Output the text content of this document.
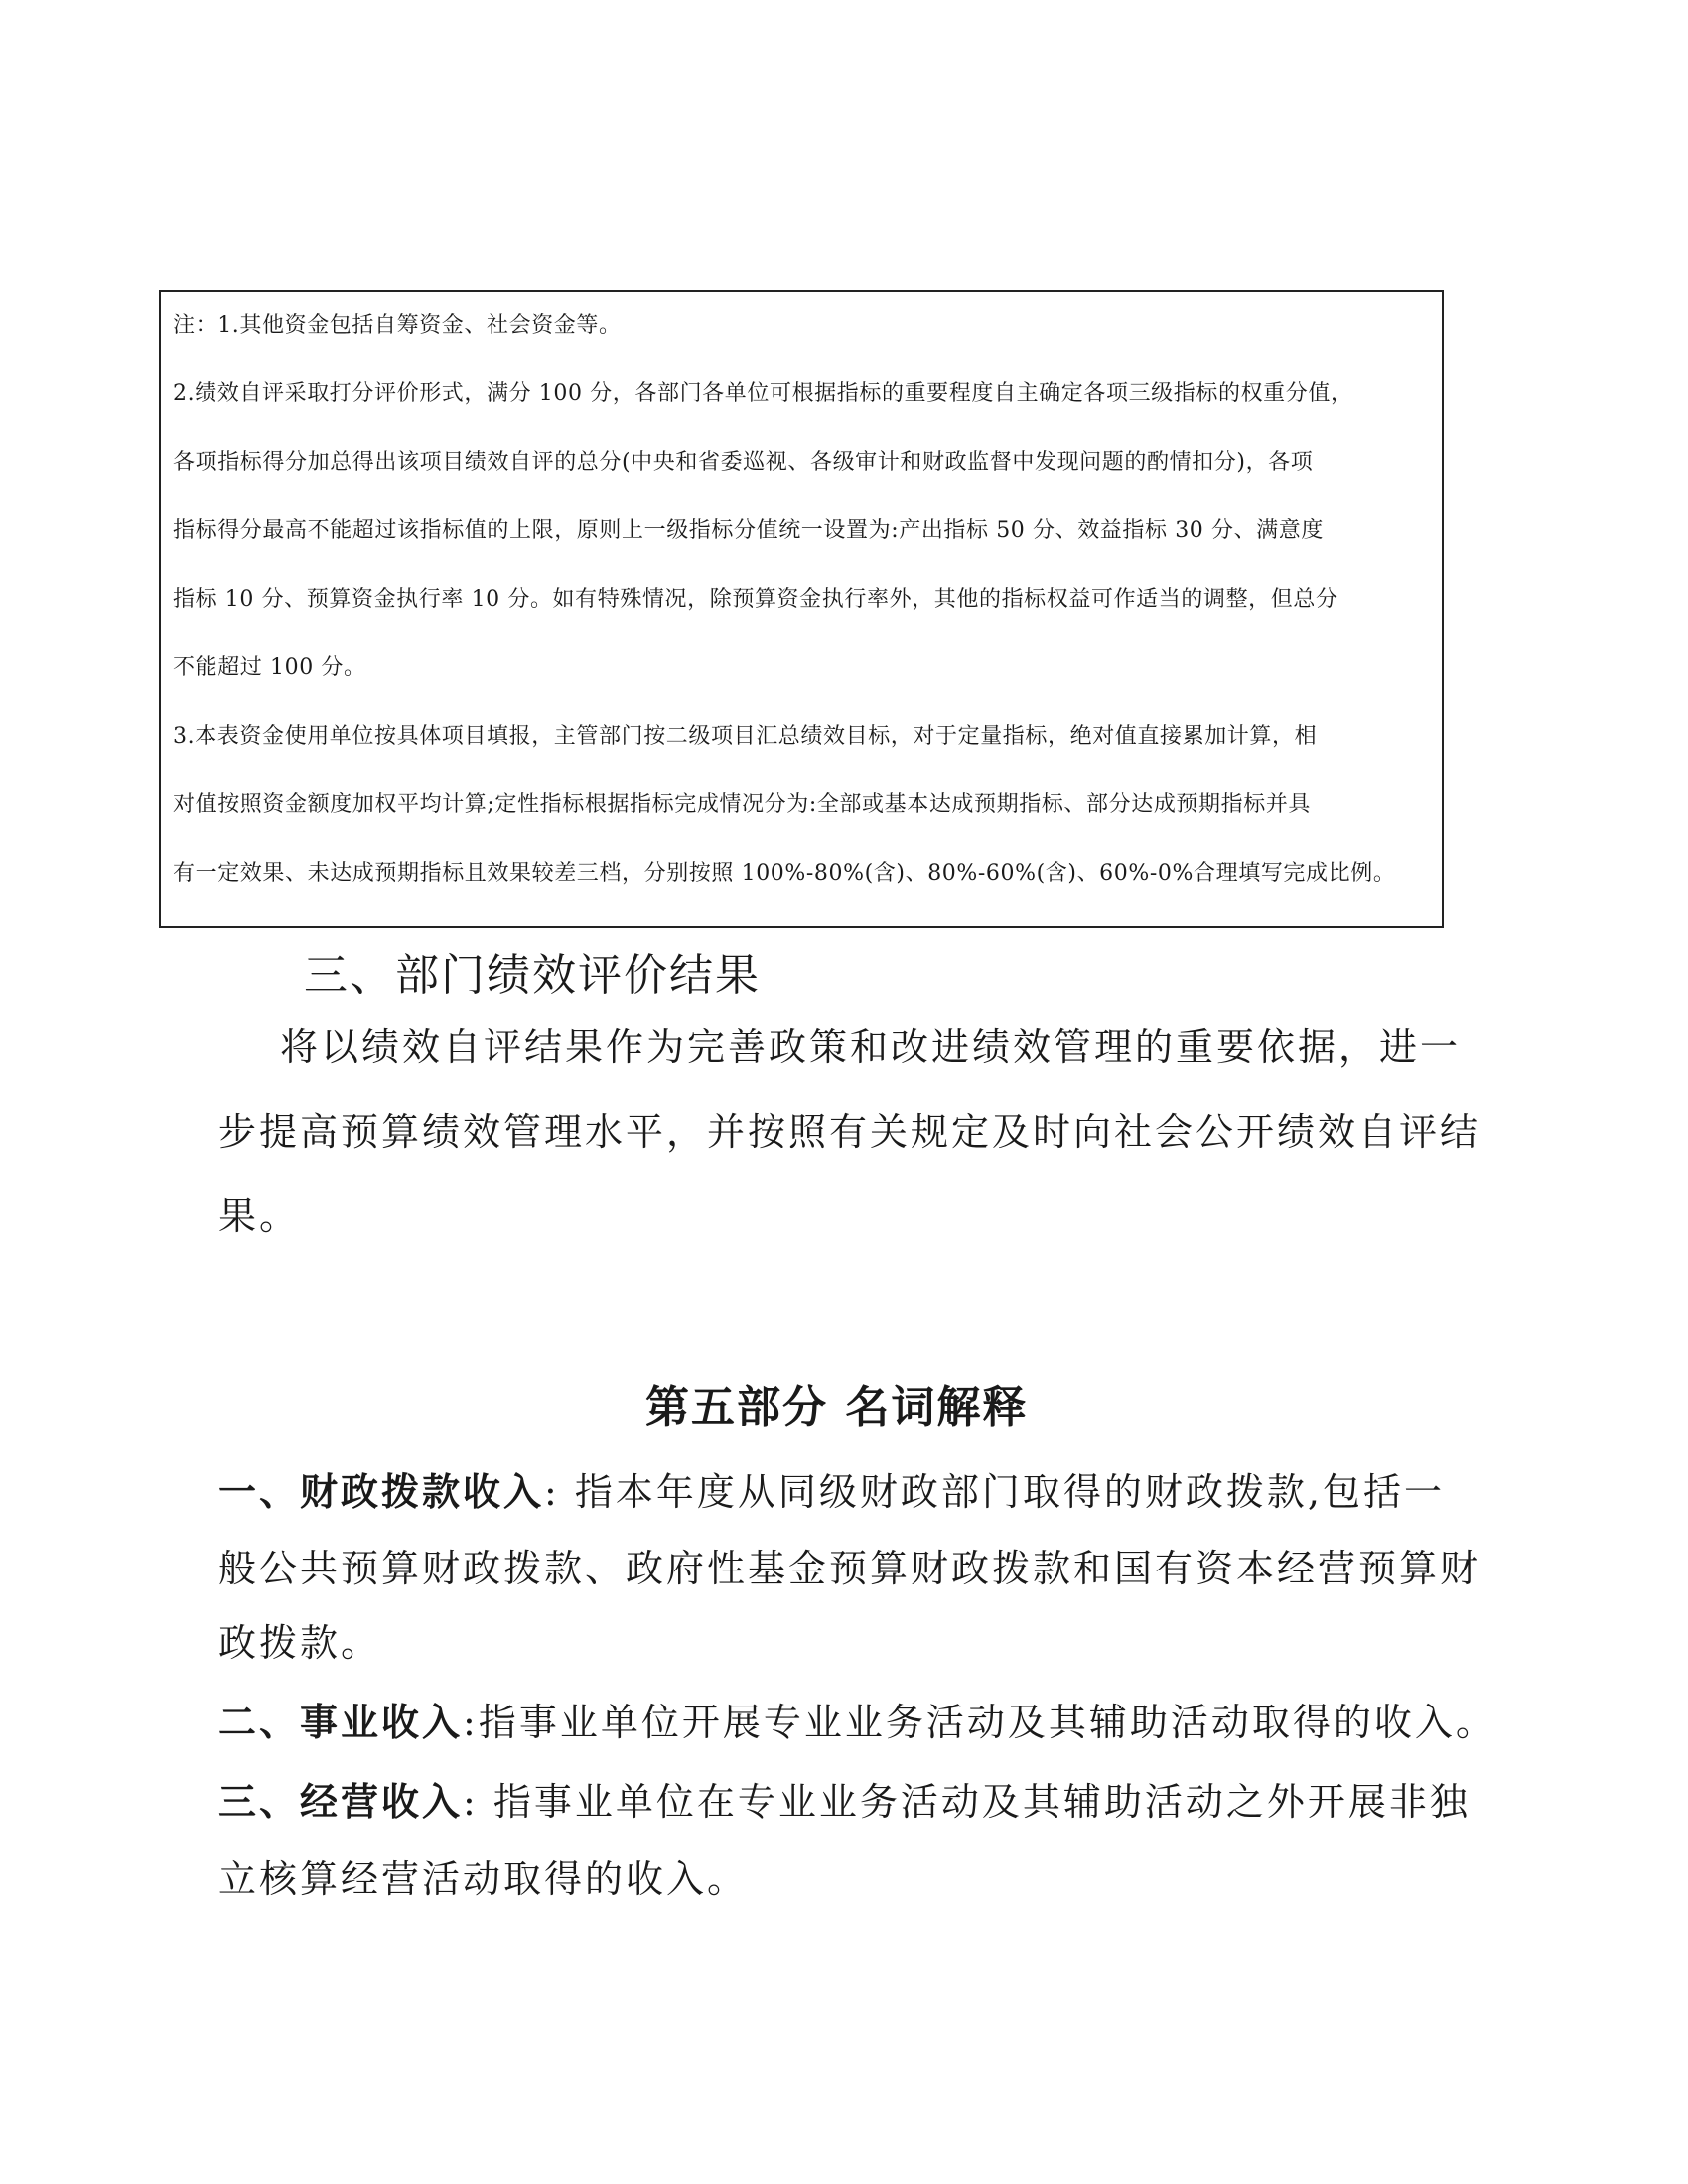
注：1.其他资金包括自筹资金、社会资金等。
2.绩效自评采取打分评价形式，满分 100 分，各部门各单位可根据指标的重要程度自主确定各项三级指标的权重分值，
各项指标得分加总得出该项目绩效自评的总分(中央和省委巡视、各级审计和财政监督中发现问题的酌情扣分)，各项
指标得分最高不能超过该指标值的上限，原则上一级指标分值统一设置为:产出指标 50 分、效益指标 30 分、满意度
指标 10 分、预算资金执行率 10 分。如有特殊情况，除预算资金执行率外，其他的指标权益可作适当的调整，但总分
不能超过 100 分。
3.本表资金使用单位按具体项目填报，主管部门按二级项目汇总绩效目标，对于定量指标，绝对值直接累加计算，相
对值按照资金额度加权平均计算;定性指标根据指标完成情况分为:全部或基本达成预期指标、部分达成预期指标并具
有一定效果、未达成预期指标且效果较差三档，分别按照 100%-80%(含)、80%-60%(含)、60%-0%合理填写完成比例。
三、部门绩效评价结果
将以绩效自评结果作为完善政策和改进绩效管理的重要依据，进一
步提高预算绩效管理水平，并按照有关规定及时向社会公开绩效自评结
果。
第五部分 名词解释
一、财政拨款收入: 指本年度从同级财政部门取得的财政拨款,包括一
般公共预算财政拨款、政府性基金预算财政拨款和国有资本经营预算财
政拨款。
二、事业收入:指事业单位开展专业业务活动及其辅助活动取得的收入。
三、经营收入: 指事业单位在专业业务活动及其辅助活动之外开展非独
立核算经营活动取得的收入。
